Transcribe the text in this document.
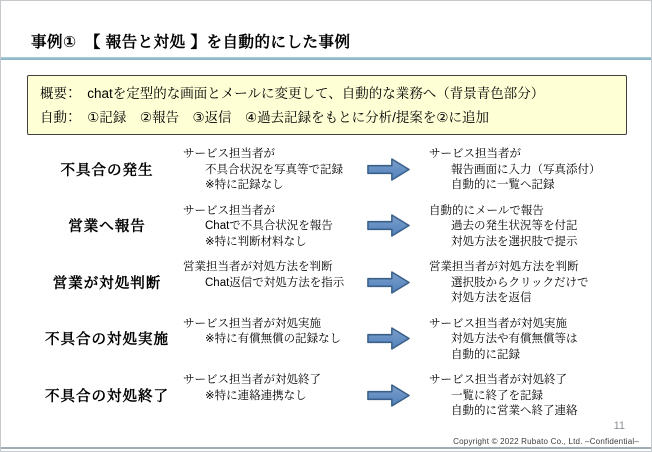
事例①　【 報告と対処 】を自動的にした事例
概要：　chatを定型的な画面とメールに変更して、自動的な業務へ（背景青色部分）
自動：　①記録　②報告　③返信　④過去記録をもとに分析/提案を②に追加
不具合の発生
サービス担当者が
不具合状況を写真等で記録
※特に記録なし
サービス担当者が
報告画面に入力（写真添付）
自動的に一覧へ記録
営業へ報告
サービス担当者が
Chatで不具合状況を報告
※特に判断材料なし
自動的にメールで報告
過去の発生状況等を付記
対処方法を選択肢で提示
営業が対処判断
営業担当者が対処方法を判断
Chat返信で対処方法を指示
営業担当者が対処方法を判断
選択肢からクリックだけで
対処方法を返信
不具合の対処実施
サービス担当者が対処実施
※特に有償無償の記録なし
サービス担当者が対処実施
対処方法や有償無償等は
自動的に記録
不具合の対処終了
サービス担当者が対処終了
※特に連絡連携なし
サービス担当者が対処終了
一覧に終了を記録
自動的に営業へ終了連絡
11
Copyright © 2022 Rubato Co., Ltd. –Confidential–
